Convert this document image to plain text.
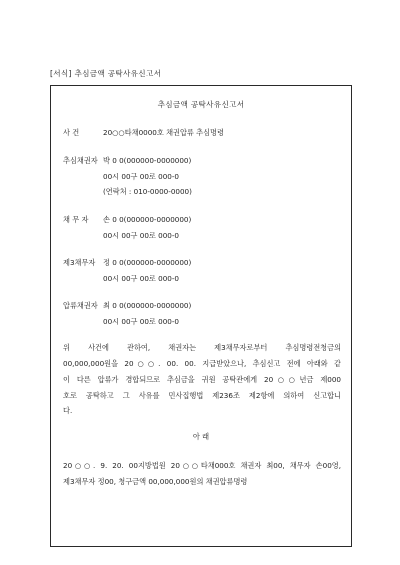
[서식] 추심금액 공탁사유신고서
추심금액 공탁사유신고서
사 건	20○○타채0000호 채권압류 추심명령
추심채권자 박 0 0(000000-0000000)
00시 00구 00로 000-0
(연락처 : 010-0000-0000)
채 무 자 손 0 0(000000-0000000)
00시 00구 00로 000-0
제3채무자 정 0 0(000000-0000000)
00시 00구 00로 000-0
압류채권자 최 0 0(000000-0000000)
00시 00구 00로 000-0
위 사건에 관하여, 채권자는 제3채무자로부터 추심명령전청금의
00,000,000원을 20○○. 00. 00. 지급받았으나, 추심신고 전에 아래와 같
이 다른 압류가 경합되므로 추심금을 귀원 공탁관에게 20○○년금 제000
호로 공탁하고 그 사유를 민사집행법 제236조 제2항에 의하여 신고합니
다.
아 래
20○○. 9. 20. 00지방법원 20○○타채000호 채권자 최00, 채무자 손00영,
제3채무자 정00, 청구금액 00,000,000원의 채권압류명령
